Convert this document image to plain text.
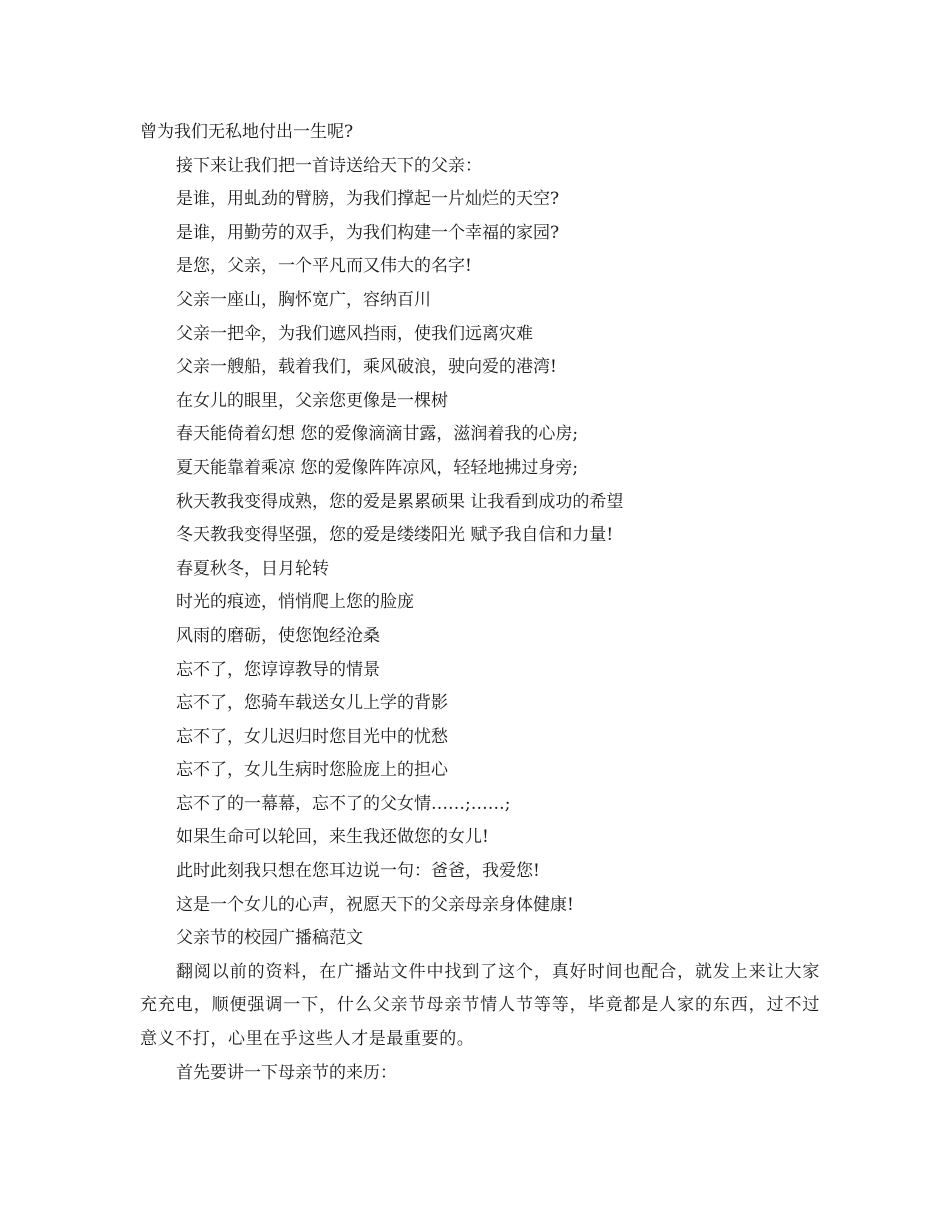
曾为我们无私地付出一生呢?
接下来让我们把一首诗送给天下的父亲：
是谁，用虬劲的臂膀，为我们撑起一片灿烂的天空?
是谁，用勤劳的双手，为我们构建一个幸福的家园?
是您，父亲，一个平凡而又伟大的名字!
父亲一座山，胸怀宽广，容纳百川
父亲一把伞，为我们遮风挡雨，使我们远离灾难
父亲一艘船，载着我们，乘风破浪，驶向爱的港湾!
在女儿的眼里，父亲您更像是一棵树
春天能倚着幻想 您的爱像滴滴甘露，滋润着我的心房;
夏天能靠着乘凉 您的爱像阵阵凉风，轻轻地拂过身旁;
秋天教我变得成熟，您的爱是累累硕果 让我看到成功的希望
冬天教我变得坚强，您的爱是缕缕阳光 赋予我自信和力量!
春夏秋冬，日月轮转
时光的痕迹，悄悄爬上您的脸庞
风雨的磨砺，使您饱经沧桑
忘不了，您谆谆教导的情景
忘不了，您骑车载送女儿上学的背影
忘不了，女儿迟归时您目光中的忧愁
忘不了，女儿生病时您脸庞上的担心
忘不了的一幕幕，忘不了的父女情……;……;
如果生命可以轮回，来生我还做您的女儿!
此时此刻我只想在您耳边说一句：爸爸，我爱您!
这是一个女儿的心声，祝愿天下的父亲母亲身体健康!
父亲节的校园广播稿范文
翻阅以前的资料，在广播站文件中找到了这个，真好时间也配合，就发上来让大家充充电，顺便强调一下，什么父亲节母亲节情人节等等，毕竟都是人家的东西，过不过意义不打，心里在乎这些人才是最重要的。
首先要讲一下母亲节的来历：
